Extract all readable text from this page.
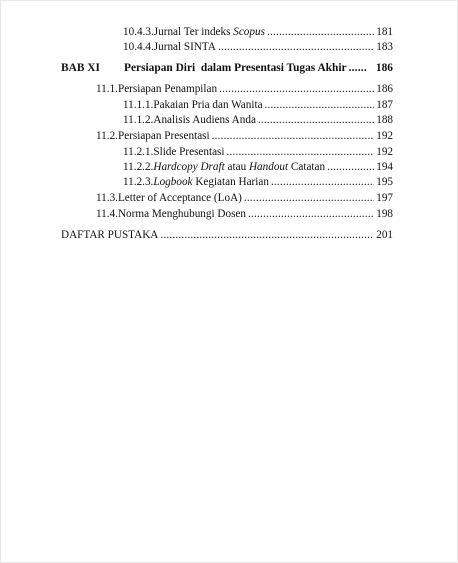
10.4.3. Jurnal Ter indeks Scopus .....	181
10.4.4. Jurnal SINTA .....	183
BAB XI	Persiapan Diri  dalam Presentasi Tugas Akhir ......	186
11.1. Persiapan Penampilan .....	186
11.1.1. Pakaian Pria dan Wanita .....	187
11.1.2. Analisis Audiens Anda .....	188
11.2. Persiapan Presentasi .....	192
11.2.1. Slide Presentasi .....	192
11.2.2. Hardcopy Draft atau Handout Catatan .....	194
11.2.3. Logbook Kegiatan Harian .....	195
11.3. Letter of Acceptance (LoA) .....	197
11.4. Norma Menghubungi Dosen .....	198
DAFTAR PUSTAKA .....	201
